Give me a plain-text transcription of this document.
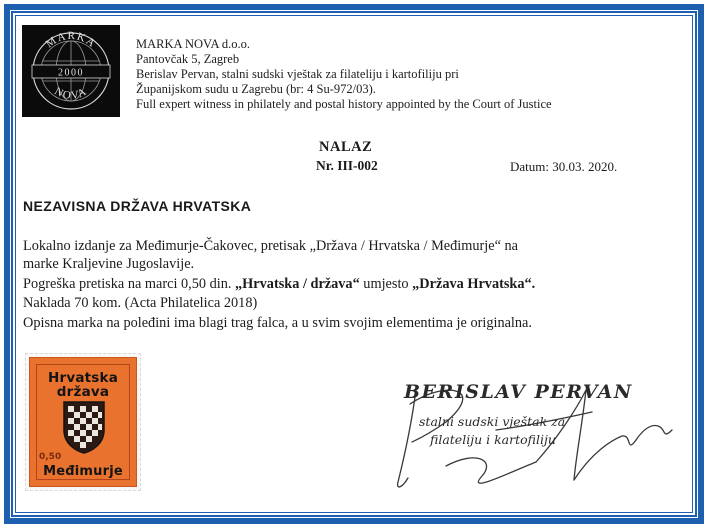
MARKA
2000
NOVA
MARKA NOVA d.o.o.
Pantovčak 5, Zagreb
Berislav Pervan, stalni sudski vještak za filateliju i kartofiliju pri
Županijskom sudu u Zagrebu (br: 4 Su-972/03).
Full expert witness in philately and postal history appointed by the Court of Justice
NALAZ
Nr. III-002	Datum: 30.03. 2020.
NEZAVISNA DRŽAVA HRVATSKA
Lokalno izdanje za Međimurje-Čakovec, pretisak „Država / Hrvatska / Međimurje“ na
marke Kraljevine Jugoslavije.
Pogreška pretiska na marci 0,50 din. „Hrvatska / država“ umjesto „Država Hrvatska“.
Naklada 70 kom. (Acta Philatelica 2018)
Opisna marka na poleđini ima blagi trag falca, a u svim svojim elementima je originalna.
Hrvatska
država
0,50
Međimurje
BERISLAV PERVAN
stalni sudski vještak za
filateliju i kartofiliju
